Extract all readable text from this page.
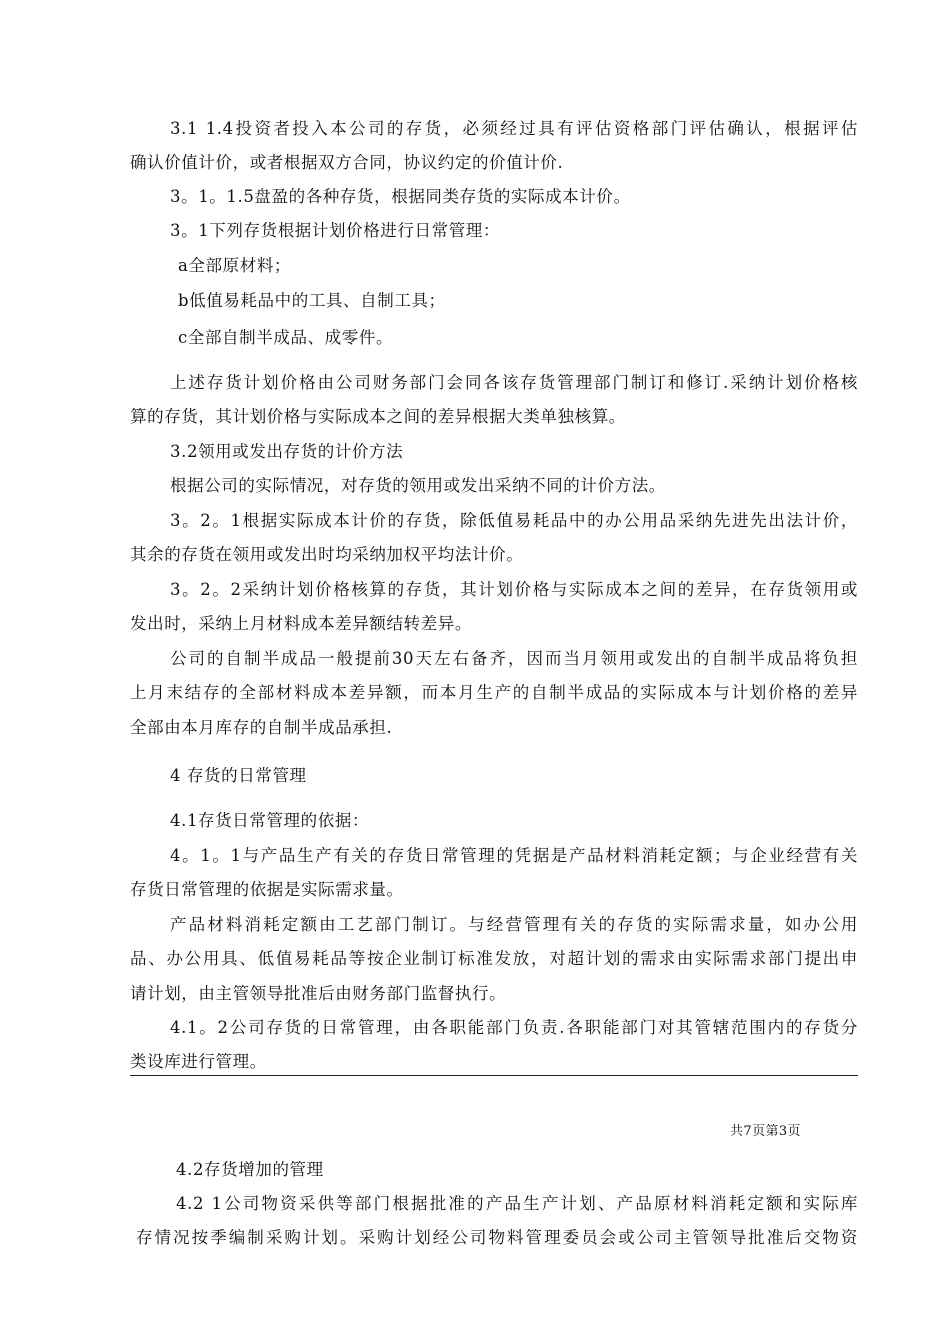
3.1 1.4投资者投入本公司的存货，必须经过具有评估资格部门评估确认，根据评估
确认价值计价，或者根据双方合同，协议约定的价值计价.
3。1。1.5盘盈的各种存货，根据同类存货的实际成本计价。
3。1下列存货根据计划价格进行日常管理：
a全部原材料；
b低值易耗品中的工具、自制工具；
c全部自制半成品、成零件。
上述存货计划价格由公司财务部门会同各该存货管理部门制订和修订.采纳计划价格核
算的存货，其计划价格与实际成本之间的差异根据大类单独核算。
3.2领用或发出存货的计价方法
根据公司的实际情况，对存货的领用或发出采纳不同的计价方法。
3。2。1根据实际成本计价的存货，除低值易耗品中的办公用品采纳先进先出法计价，
其余的存货在领用或发出时均采纳加权平均法计价。
3。2。2采纳计划价格核算的存货，其计划价格与实际成本之间的差异，在存货领用或
发出时，采纳上月材料成本差异额结转差异。
公司的自制半成品一般提前30天左右备齐，因而当月领用或发出的自制半成品将负担
上月末结存的全部材料成本差异额，而本月生产的自制半成品的实际成本与计划价格的差异
全部由本月库存的自制半成品承担.
4 存货的日常管理
4.1存货日常管理的依据：
4。1。1与产品生产有关的存货日常管理的凭据是产品材料消耗定额；与企业经营有关
存货日常管理的依据是实际需求量。
产品材料消耗定额由工艺部门制订。与经营管理有关的存货的实际需求量，如办公用
品、办公用具、低值易耗品等按企业制订标准发放，对超计划的需求由实际需求部门提出申
请计划，由主管领导批准后由财务部门监督执行。
4.1。2公司存货的日常管理，由各职能部门负责.各职能部门对其管辖范围内的存货分
类设库进行管理。
共7页第3页
4.2存货增加的管理
4.2 1公司物资采供等部门根据批准的产品生产计划、产品原材料消耗定额和实际库
存情况按季编制采购计划。采购计划经公司物料管理委员会或公司主管领导批准后交物资
